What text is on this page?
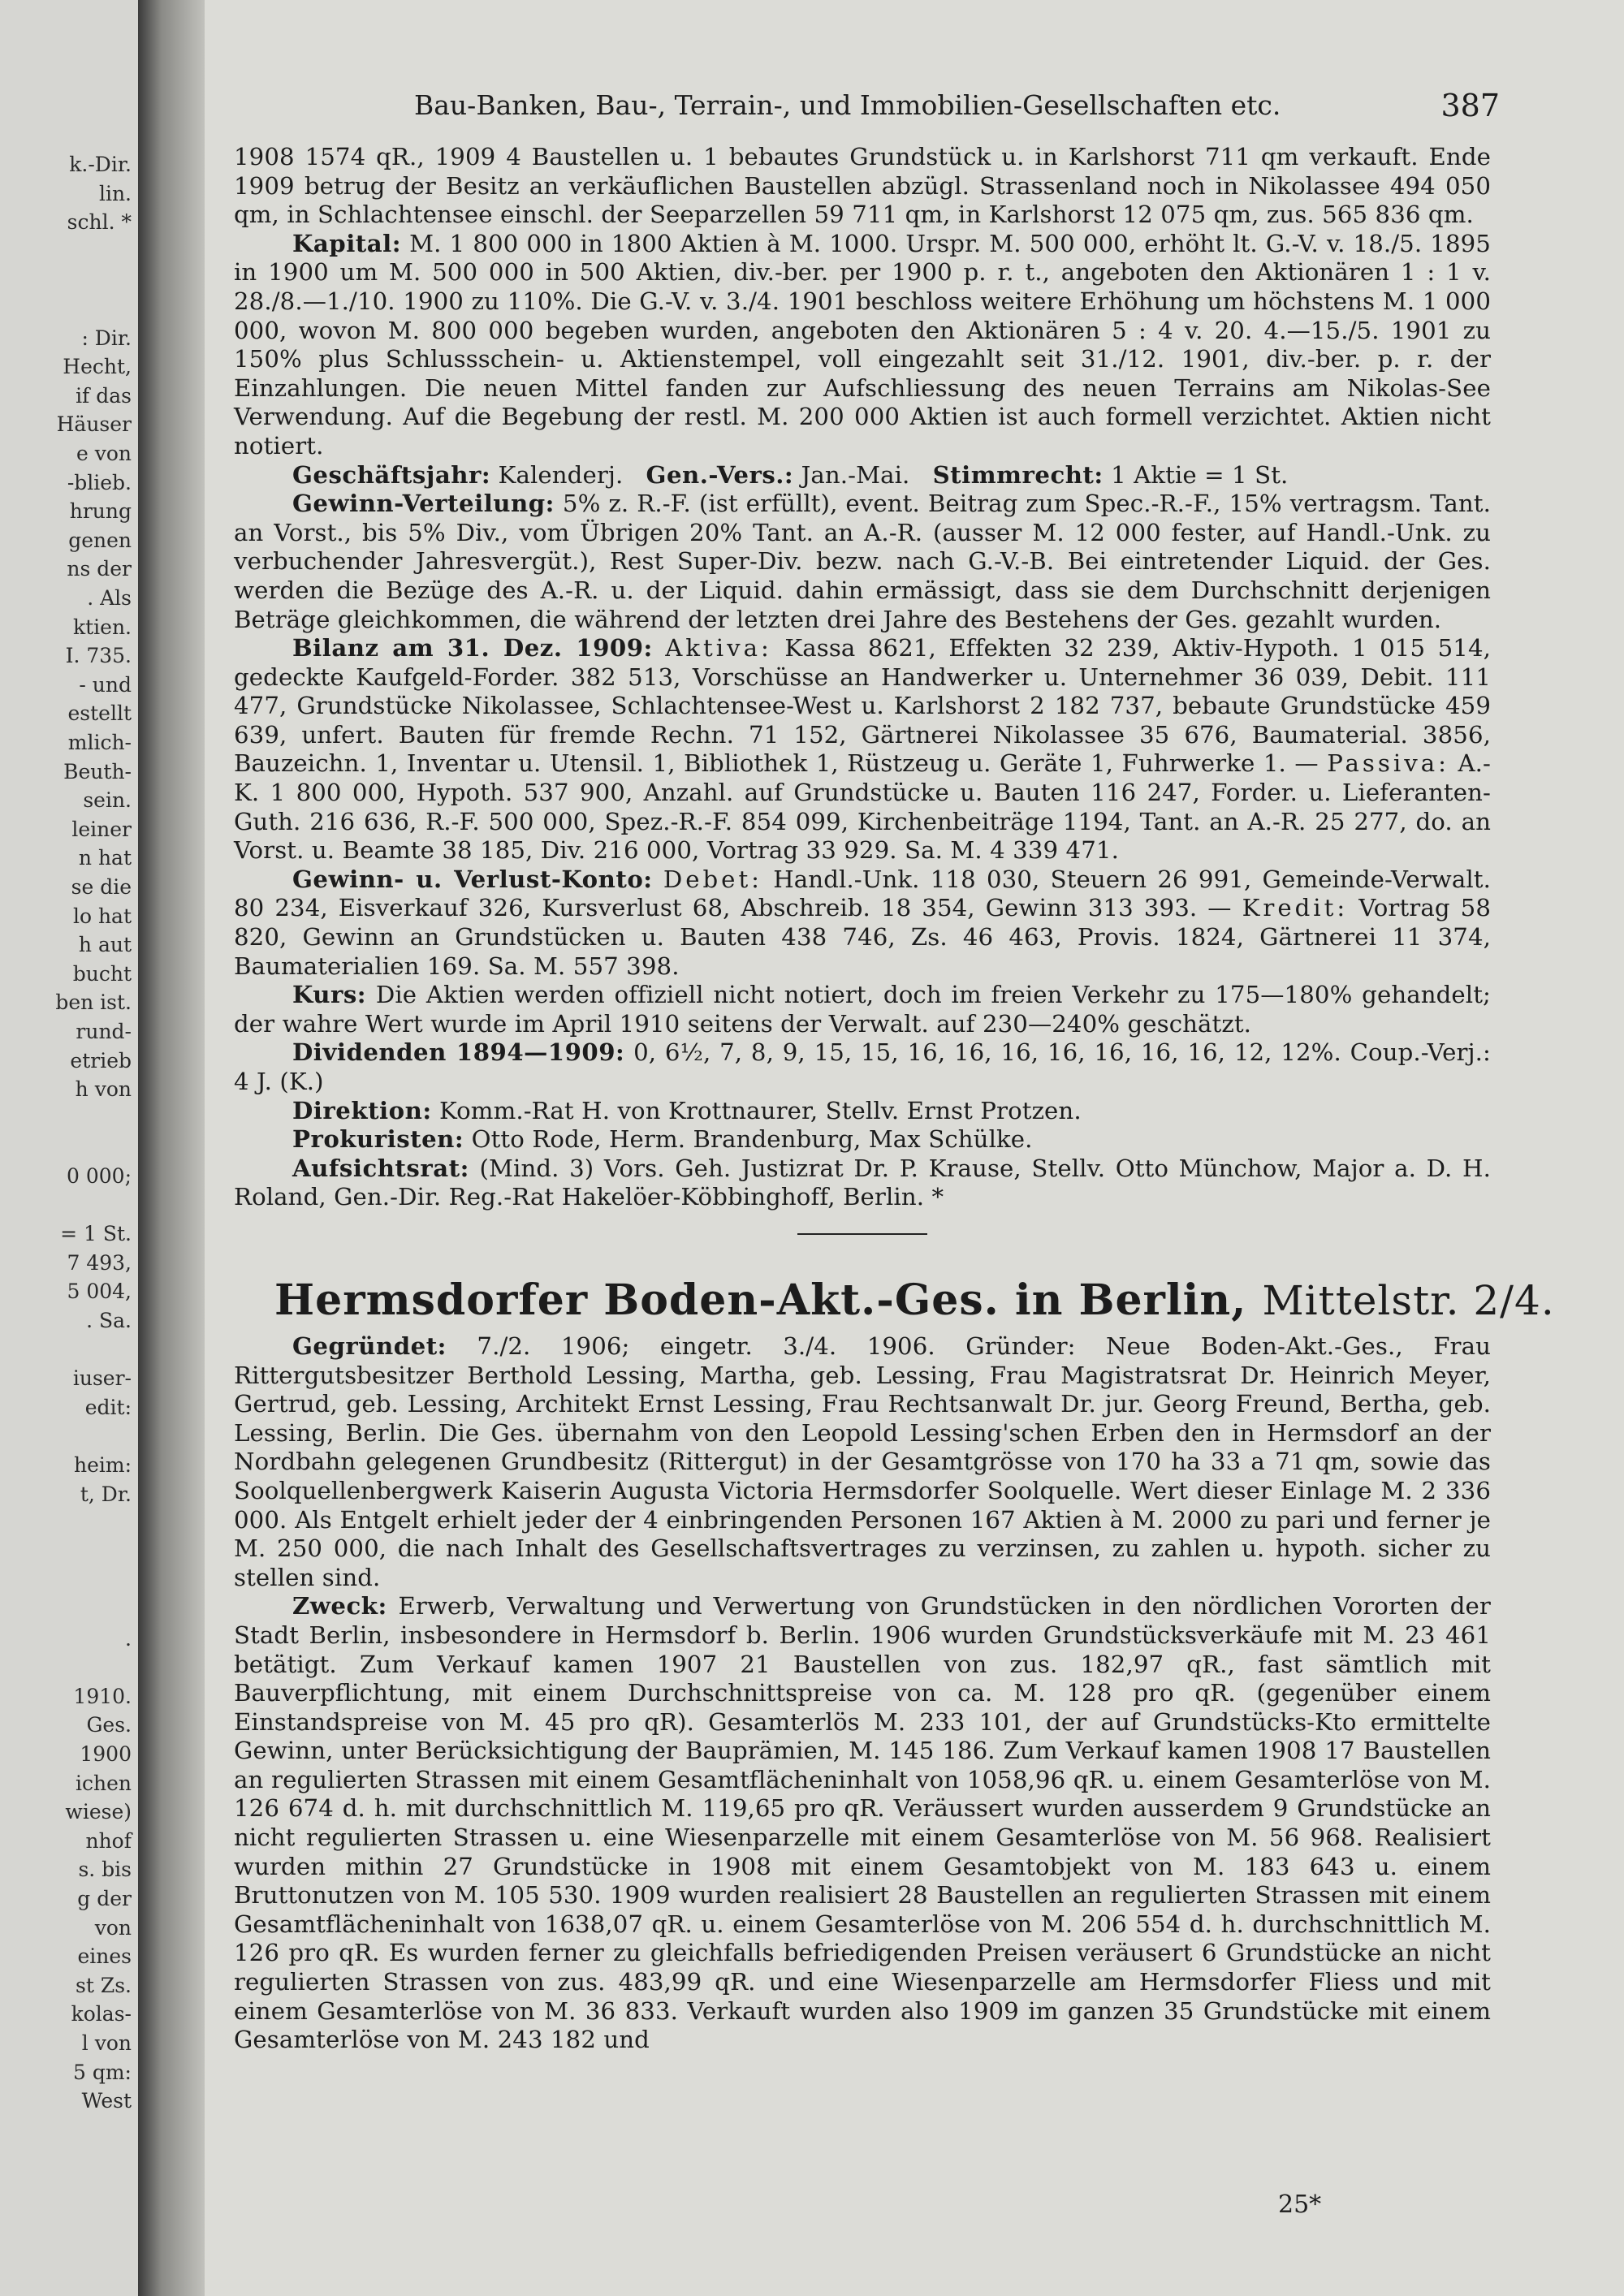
k.-Dir.
lin.
schl. *
: Dir.
Hecht,
if das
Häuser
e von
-blieb.
hrung
genen
ns der
. Als
ktien.
I. 735.
- und
estellt
mlich-
Beuth-
sein.
leiner
n hat
se die
lo hat
h aut
bucht
ben ist.
rund-
etrieb
h von
0 000;
= 1 St.
7 493,
5 004,
. Sa.
iuser-
edit:
heim:
t, Dr.
.
1910.
Ges.
1900
ichen
wiese)
nhof
s. bis
g der
von
eines
st Zs.
kolas-
l von
5 qm:
West
Bau-Banken, Bau-, Terrain-, und Immobilien-Gesellschaften etc.	387

1908 1574 qR., 1909 4 Baustellen u. 1 bebautes Grundstück u. in Karlshorst 711 qm verkauft. Ende 1909 betrug der Besitz an verkäuflichen Baustellen abzügl. Strassenland noch in Nikolassee 494 050 qm, in Schlachtensee einschl. der Seeparzellen 59 711 qm, in Karlshorst 12 075 qm, zus. 565 836 qm.

Kapital: M. 1 800 000 in 1800 Aktien à M. 1000. Urspr. M. 500 000, erhöht lt. G.-V. v. 18./5. 1895 in 1900 um M. 500 000 in 500 Aktien, div.-ber. per 1900 p. r. t., angeboten den Aktionären 1 : 1 v. 28./8.—1./10. 1900 zu 110%. Die G.-V. v. 3./4. 1901 beschloss weitere Erhöhung um höchstens M. 1 000 000, wovon M. 800 000 begeben wurden, angeboten den Aktionären 5 : 4 v. 20. 4.—15./5. 1901 zu 150% plus Schlussschein- u. Aktienstempel, voll eingezahlt seit 31./12. 1901, div.-ber. p. r. der Einzahlungen. Die neuen Mittel fanden zur Aufschliessung des neuen Terrains am Nikolas-See Verwendung. Auf die Begebung der restl. M. 200 000 Aktien ist auch formell verzichtet. Aktien nicht notiert.

Geschäftsjahr: Kalenderj. Gen.-Vers.: Jan.-Mai. Stimmrecht: 1 Aktie = 1 St.

Gewinn-Verteilung: 5% z. R.-F. (ist erfüllt), event. Beitrag zum Spec.-R.-F., 15% vertragsm. Tant. an Vorst., bis 5% Div., vom Übrigen 20% Tant. an A.-R. (ausser M. 12 000 fester, auf Handl.-Unk. zu verbuchender Jahresvergüt.), Rest Super-Div. bezw. nach G.-V.-B. Bei eintretender Liquid. der Ges. werden die Bezüge des A.-R. u. der Liquid. dahin ermässigt, dass sie dem Durchschnitt derjenigen Beträge gleichkommen, die während der letzten drei Jahre des Bestehens der Ges. gezahlt wurden.

Bilanz am 31. Dez. 1909: Aktiva: Kassa 8621, Effekten 32 239, Aktiv-Hypoth. 1 015 514, gedeckte Kaufgeld-Forder. 382 513, Vorschüsse an Handwerker u. Unternehmer 36 039, Debit. 111 477, Grundstücke Nikolassee, Schlachtensee-West u. Karlshorst 2 182 737, bebaute Grundstücke 459 639, unfert. Bauten für fremde Rechn. 71 152, Gärtnerei Nikolassee 35 676, Baumaterial. 3856, Bauzeichn. 1, Inventar u. Utensil. 1, Bibliothek 1, Rüstzeug u. Geräte 1, Fuhrwerke 1. — Passiva: A.-K. 1 800 000, Hypoth. 537 900, Anzahl. auf Grundstücke u. Bauten 116 247, Forder. u. Lieferanten-Guth. 216 636, R.-F. 500 000, Spez.-R.-F. 854 099, Kirchenbeiträge 1194, Tant. an A.-R. 25 277, do. an Vorst. u. Beamte 38 185, Div. 216 000, Vortrag 33 929. Sa. M. 4 339 471.

Gewinn- u. Verlust-Konto: Debet: Handl.-Unk. 118 030, Steuern 26 991, Gemeinde-Verwalt. 80 234, Eisverkauf 326, Kursverlust 68, Abschreib. 18 354, Gewinn 313 393. — Kredit: Vortrag 58 820, Gewinn an Grundstücken u. Bauten 438 746, Zs. 46 463, Provis. 1824, Gärtnerei 11 374, Baumaterialien 169. Sa. M. 557 398.

Kurs: Die Aktien werden offiziell nicht notiert, doch im freien Verkehr zu 175—180% gehandelt; der wahre Wert wurde im April 1910 seitens der Verwalt. auf 230—240% geschätzt.

Dividenden 1894—1909: 0, 6½, 7, 8, 9, 15, 15, 16, 16, 16, 16, 16, 16, 16, 12, 12%. Coup.-Verj.: 4 J. (K.)

Direktion: Komm.-Rat H. von Krottnaurer, Stellv. Ernst Protzen.

Prokuristen: Otto Rode, Herm. Brandenburg, Max Schülke.

Aufsichtsrat: (Mind. 3) Vors. Geh. Justizrat Dr. P. Krause, Stellv. Otto Münchow, Major a. D. H. Roland, Gen.-Dir. Reg.-Rat Hakelöer-Köbbinghoff, Berlin. *

Hermsdorfer Boden-Akt.-Ges. in Berlin, Mittelstr. 2/4.

Gegründet: 7./2. 1906; eingetr. 3./4. 1906. Gründer: Neue Boden-Akt.-Ges., Frau Rittergutsbesitzer Berthold Lessing, Martha, geb. Lessing, Frau Magistratsrat Dr. Heinrich Meyer, Gertrud, geb. Lessing, Architekt Ernst Lessing, Frau Rechtsanwalt Dr. jur. Georg Freund, Bertha, geb. Lessing, Berlin. Die Ges. übernahm von den Leopold Lessing'schen Erben den in Hermsdorf an der Nordbahn gelegenen Grundbesitz (Rittergut) in der Gesamtgrösse von 170 ha 33 a 71 qm, sowie das Soolquellenbergwerk Kaiserin Augusta Victoria Hermsdorfer Soolquelle. Wert dieser Einlage M. 2 336 000. Als Entgelt erhielt jeder der 4 einbringenden Personen 167 Aktien à M. 2000 zu pari und ferner je M. 250 000, die nach Inhalt des Gesellschaftsvertrages zu verzinsen, zu zahlen u. hypoth. sicher zu stellen sind.

Zweck: Erwerb, Verwaltung und Verwertung von Grundstücken in den nördlichen Vororten der Stadt Berlin, insbesondere in Hermsdorf b. Berlin. 1906 wurden Grundstücksverkäufe mit M. 23 461 betätigt. Zum Verkauf kamen 1907 21 Baustellen von zus. 182,97 qR., fast sämtlich mit Bauverpflichtung, mit einem Durchschnittspreise von ca. M. 128 pro qR. (gegenüber einem Einstandspreise von M. 45 pro qR). Gesamterlös M. 233 101, der auf Grundstücks-Kto ermittelte Gewinn, unter Berücksichtigung der Bauprämien, M. 145 186. Zum Verkauf kamen 1908 17 Baustellen an regulierten Strassen mit einem Gesamtflächeninhalt von 1058,96 qR. u. einem Gesamterlöse von M. 126 674 d. h. mit durchschnittlich M. 119,65 pro qR. Veräussert wurden ausserdem 9 Grundstücke an nicht regulierten Strassen u. eine Wiesenparzelle mit einem Gesamterlöse von M. 56 968. Realisiert wurden mithin 27 Grundstücke in 1908 mit einem Gesamtobjekt von M. 183 643 u. einem Bruttonutzen von M. 105 530. 1909 wurden realisiert 28 Baustellen an regulierten Strassen mit einem Gesamtflächeninhalt von 1638,07 qR. u. einem Gesamterlöse von M. 206 554 d. h. durchschnittlich M. 126 pro qR. Es wurden ferner zu gleichfalls befriedigenden Preisen veräusert 6 Grundstücke an nicht regulierten Strassen von zus. 483,99 qR. und eine Wiesenparzelle am Hermsdorfer Fliess und mit einem Gesamterlöse von M. 36 833. Verkauft wurden also 1909 im ganzen 35 Grundstücke mit einem Gesamterlöse von M. 243 182 und

25*
